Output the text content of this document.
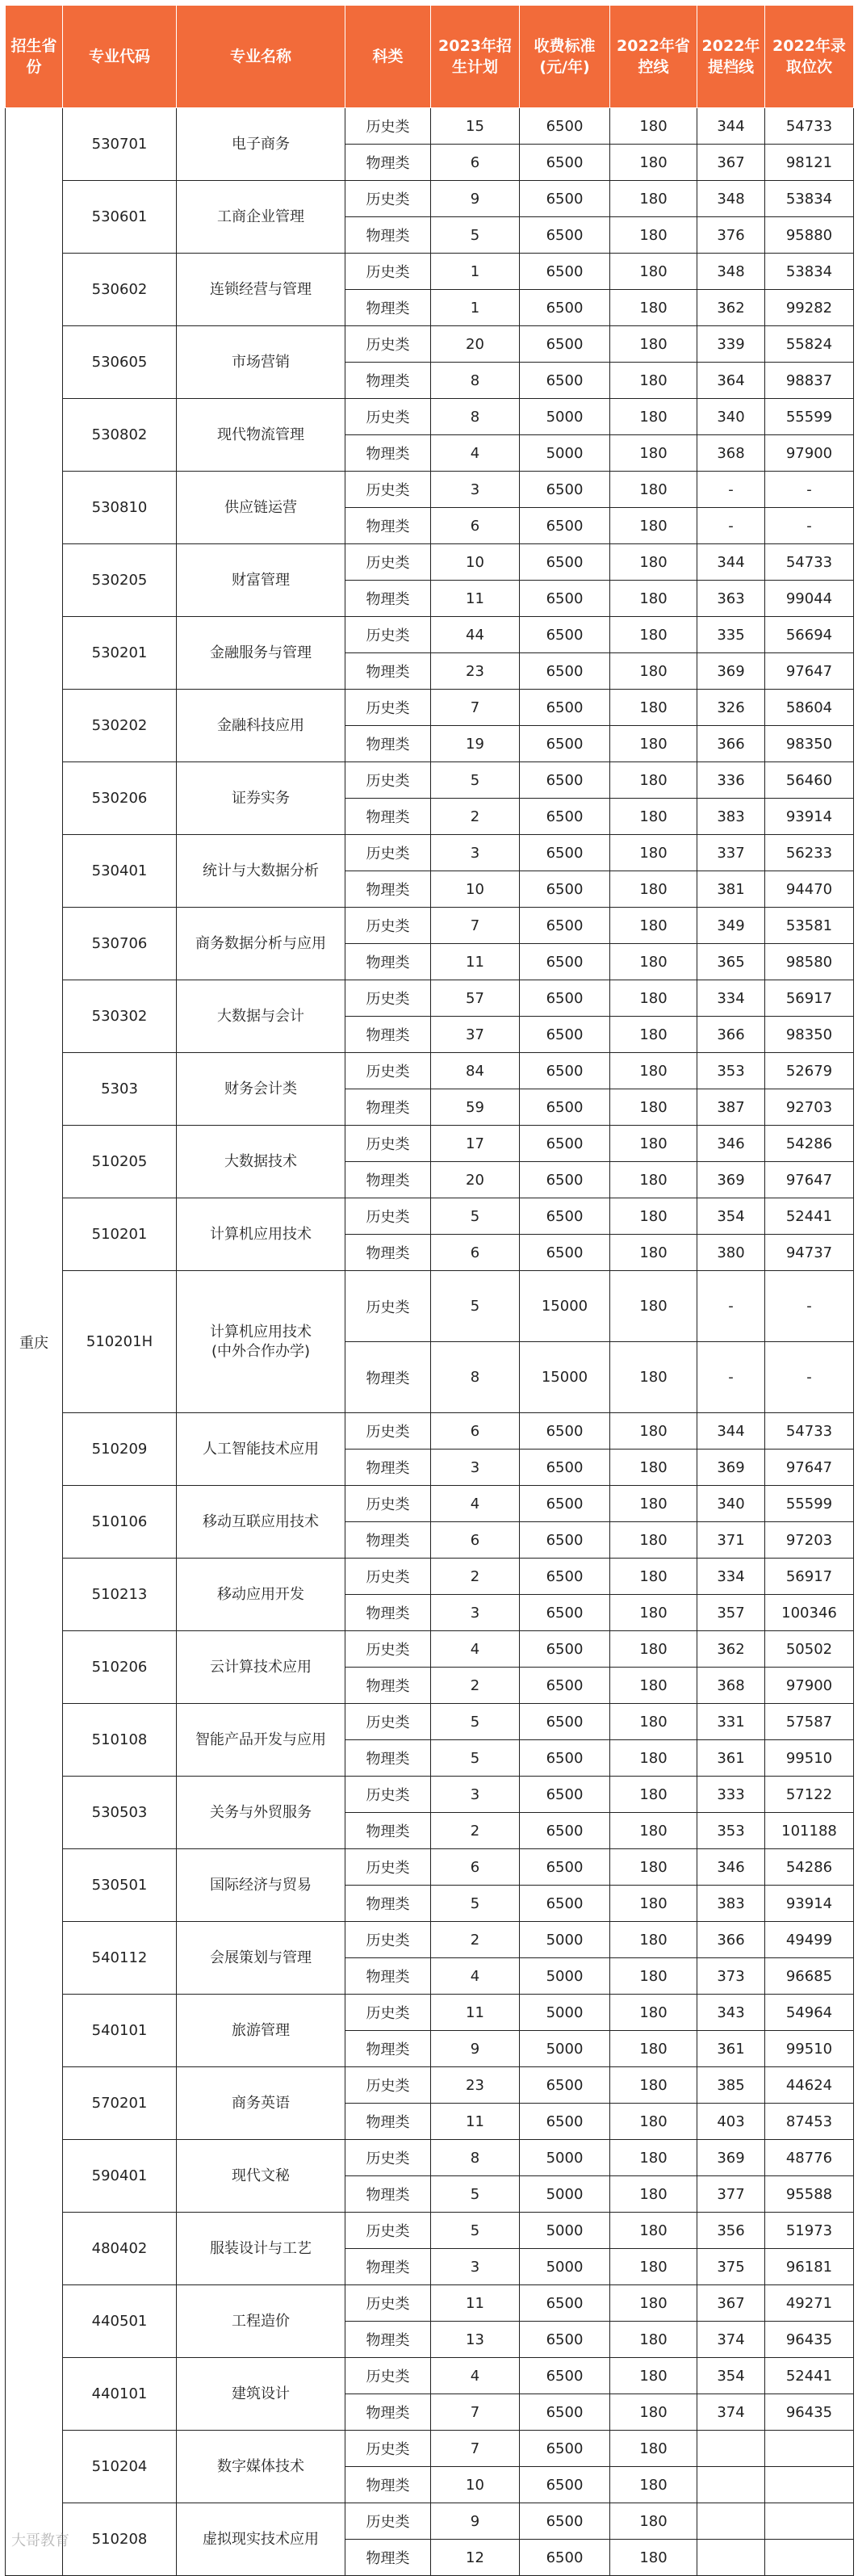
招生省份	专业代码	专业名称	科类	2023年招生计划	收费标准(元/年)	2022年省控线	2022年提档线	2022年录取位次
重庆	530701	电子商务	历史类	15	6500	180	344	54733
			物理类	6	6500	180	367	98121
	530601	工商企业管理	历史类	9	6500	180	348	53834
			物理类	5	6500	180	376	95880
	530602	连锁经营与管理	历史类	1	6500	180	348	53834
			物理类	1	6500	180	362	99282
	530605	市场营销	历史类	20	6500	180	339	55824
			物理类	8	6500	180	364	98837
	530802	现代物流管理	历史类	8	5000	180	340	55599
			物理类	4	5000	180	368	97900
	530810	供应链运营	历史类	3	6500	180	-	-
			物理类	6	6500	180	-	-
	530205	财富管理	历史类	10	6500	180	344	54733
			物理类	11	6500	180	363	99044
	530201	金融服务与管理	历史类	44	6500	180	335	56694
			物理类	23	6500	180	369	97647
	530202	金融科技应用	历史类	7	6500	180	326	58604
			物理类	19	6500	180	366	98350
	530206	证券实务	历史类	5	6500	180	336	56460
			物理类	2	6500	180	383	93914
	530401	统计与大数据分析	历史类	3	6500	180	337	56233
			物理类	10	6500	180	381	94470
	530706	商务数据分析与应用	历史类	7	6500	180	349	53581
			物理类	11	6500	180	365	98580
	530302	大数据与会计	历史类	57	6500	180	334	56917
			物理类	37	6500	180	366	98350
	5303	财务会计类	历史类	84	6500	180	353	52679
			物理类	59	6500	180	387	92703
	510205	大数据技术	历史类	17	6500	180	346	54286
			物理类	20	6500	180	369	97647
	510201	计算机应用技术	历史类	5	6500	180	354	52441
			物理类	6	6500	180	380	94737
	510201H	计算机应用技术
(中外合作办学)	历史类	5	15000	180	-	-
			物理类	8	15000	180	-	-
	510209	人工智能技术应用	历史类	6	6500	180	344	54733
			物理类	3	6500	180	369	97647
	510106	移动互联应用技术	历史类	4	6500	180	340	55599
			物理类	6	6500	180	371	97203
	510213	移动应用开发	历史类	2	6500	180	334	56917
			物理类	3	6500	180	357	100346
	510206	云计算技术应用	历史类	4	6500	180	362	50502
			物理类	2	6500	180	368	97900
	510108	智能产品开发与应用	历史类	5	6500	180	331	57587
			物理类	5	6500	180	361	99510
	530503	关务与外贸服务	历史类	3	6500	180	333	57122
			物理类	2	6500	180	353	101188
	530501	国际经济与贸易	历史类	6	6500	180	346	54286
			物理类	5	6500	180	383	93914
	540112	会展策划与管理	历史类	2	5000	180	366	49499
			物理类	4	5000	180	373	96685
	540101	旅游管理	历史类	11	5000	180	343	54964
			物理类	9	5000	180	361	99510
	570201	商务英语	历史类	23	6500	180	385	44624
			物理类	11	6500	180	403	87453
	590401	现代文秘	历史类	8	5000	180	369	48776
			物理类	5	5000	180	377	95588
	480402	服装设计与工艺	历史类	5	5000	180	356	51973
			物理类	3	5000	180	375	96181
	440501	工程造价	历史类	11	6500	180	367	49271
			物理类	13	6500	180	374	96435
	440101	建筑设计	历史类	4	6500	180	354	52441
			物理类	7	6500	180	374	96435
	510204	数字媒体技术	历史类	7	6500	180		
			物理类	10	6500	180		
	510208	虚拟现实技术应用	历史类	9	6500	180		
			物理类	12	6500	180		
大哥教育
